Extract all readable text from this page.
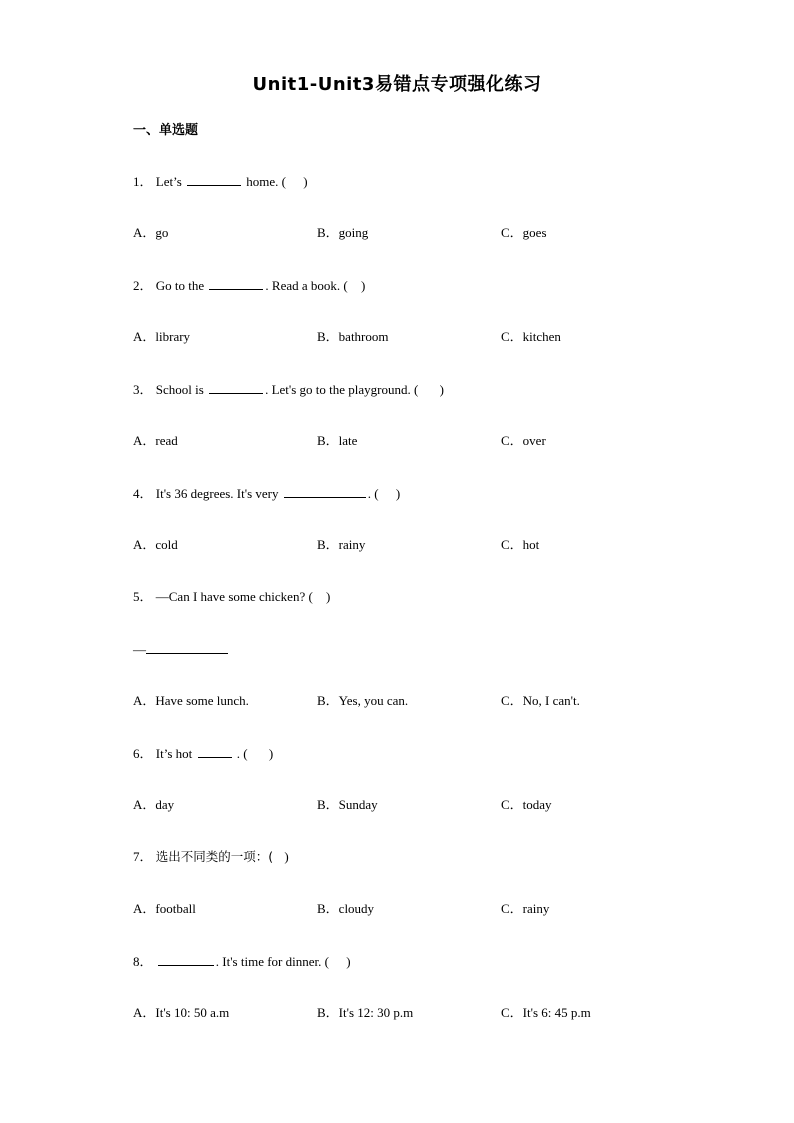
Unit1-Unit3易错点专项强化练习
一、单选题
1． Let’s	home. ( )
A．go	B．going	C．goes
2． Go to the	. Read a book. ( )
A．library	B．bathroom	C．kitchen
3． School is	. Let's go to the playground. ( )
A．read	B．late	C．over
4． It's 36 degrees. It's very	. ( )
A．cold	B．rainy	C．hot
5． —Can I have some chicken? ( )
—
A．Have some lunch.	B．Yes, you can.	C．No, I can't.
6． It’s hot	. ( )
A．day	B．Sunday	C．today
7． 选出不同类的一项：( )
A．football	B．cloudy	C．rainy
8．	. It's time for dinner. ( )
A．It's 10: 50 a.m	B．It's 12: 30 p.m	C．It's 6: 45 p.m
